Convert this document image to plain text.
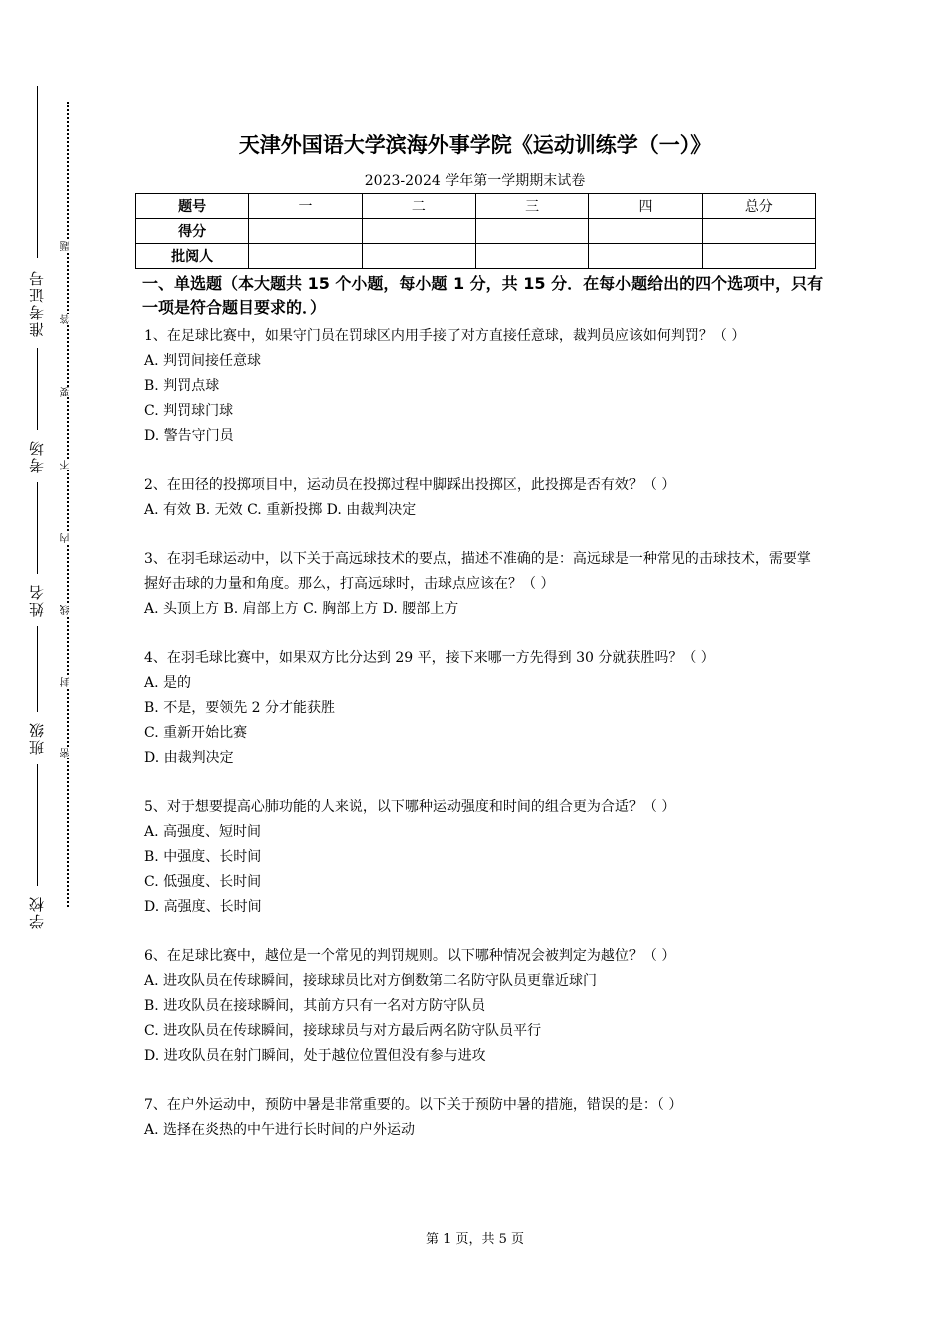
准考证号
考场
姓名
班级
学校
题
答
要
不
内
线
封
密
天津外国语大学滨海外事学院《运动训练学（一）》
2023-2024 学年第一学期期末试卷
题号	一	二	三	四	总分
得分					
批阅人					
一、单选题（本大题共 15 个小题，每小题 1 分，共 15 分．在每小题给出的四个选项中，只有一项是符合题目要求的．）
1、在足球比赛中，如果守门员在罚球区内用手接了对方直接任意球，裁判员应该如何判罚？（ ）
A. 判罚间接任意球
B. 判罚点球
C. 判罚球门球
D. 警告守门员
2、在田径的投掷项目中，运动员在投掷过程中脚踩出投掷区，此投掷是否有效？（ ）
A. 有效 B. 无效 C. 重新投掷 D. 由裁判决定
3、在羽毛球运动中，以下关于高远球技术的要点，描述不准确的是：高远球是一种常见的击球技术，需要掌握好击球的力量和角度。那么，打高远球时，击球点应该在？（ ）
A. 头顶上方 B. 肩部上方 C. 胸部上方 D. 腰部上方
4、在羽毛球比赛中，如果双方比分达到 29 平，接下来哪一方先得到 30 分就获胜吗？（ ）
A. 是的
B. 不是，要领先 2 分才能获胜
C. 重新开始比赛
D. 由裁判决定
5、对于想要提高心肺功能的人来说，以下哪种运动强度和时间的组合更为合适？（ ）
A. 高强度、短时间
B. 中强度、长时间
C. 低强度、长时间
D. 高强度、长时间
6、在足球比赛中，越位是一个常见的判罚规则。以下哪种情况会被判定为越位？（ ）
A. 进攻队员在传球瞬间，接球球员比对方倒数第二名防守队员更靠近球门
B. 进攻队员在接球瞬间，其前方只有一名对方防守队员
C. 进攻队员在传球瞬间，接球球员与对方最后两名防守队员平行
D. 进攻队员在射门瞬间，处于越位位置但没有参与进攻
7、在户外运动中，预防中暑是非常重要的。以下关于预防中暑的措施，错误的是：（ ）
A. 选择在炎热的中午进行长时间的户外运动
第 1 页，共 5 页
